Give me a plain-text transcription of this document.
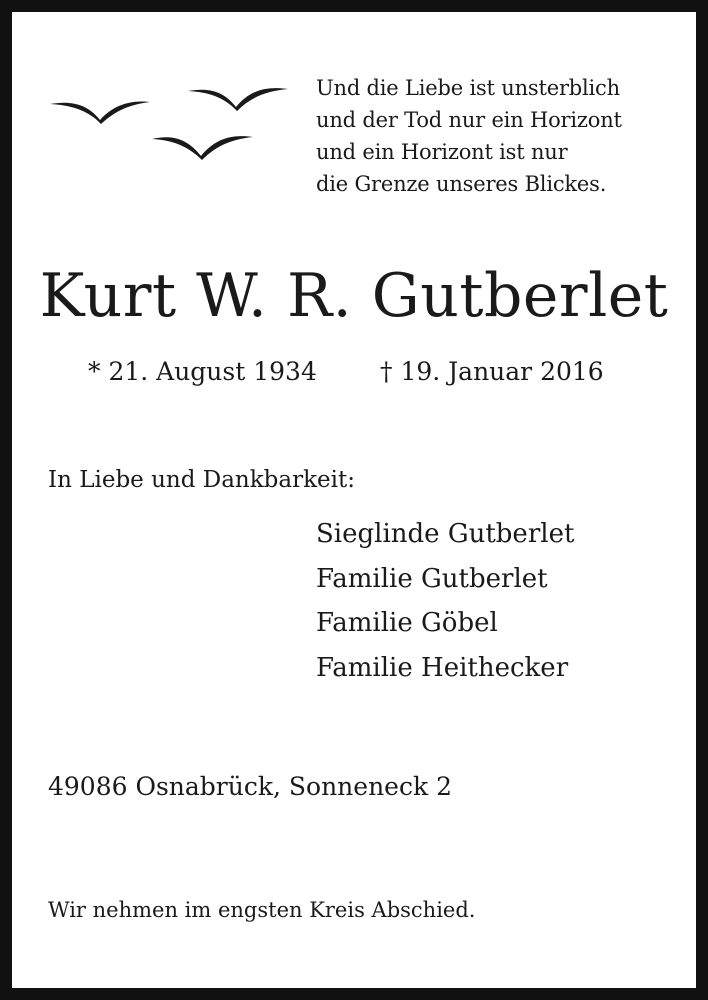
Und die Liebe ist unsterblich
und der Tod nur ein Horizont
und ein Horizont ist nur
die Grenze unseres Blickes.
Kurt W. R. Gutberlet
* 21. August 1934	† 19. Januar 2016
In Liebe und Dankbarkeit:
Sieglinde Gutberlet
Familie Gutberlet
Familie Göbel
Familie Heithecker
49086 Osnabrück, Sonneneck 2
Wir nehmen im engsten Kreis Abschied.
